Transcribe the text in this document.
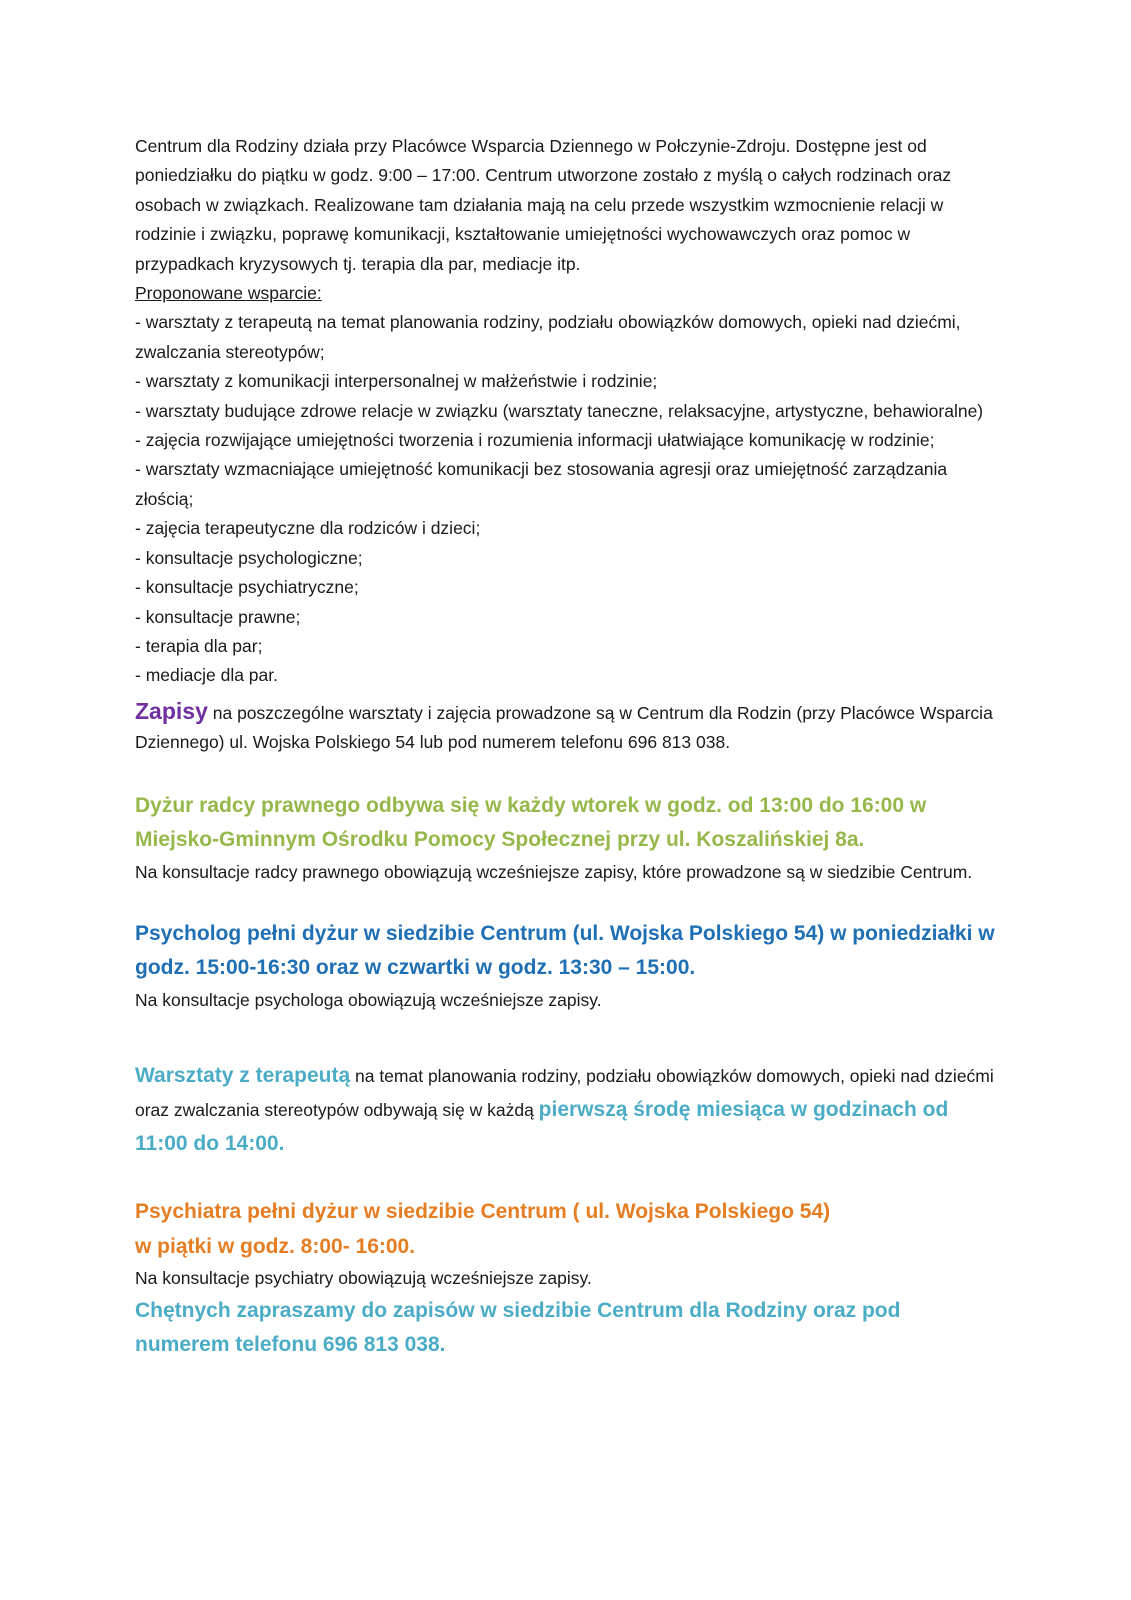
Centrum dla Rodziny działa przy Placówce Wsparcia Dziennego w Połczynie-Zdroju. Dostępne jest od poniedziałku do piątku w godz. 9:00 – 17:00. Centrum utworzone zostało z myślą o całych rodzinach oraz osobach w związkach. Realizowane tam działania mają na celu przede wszystkim wzmocnienie relacji w rodzinie i związku, poprawę komunikacji, kształtowanie umiejętności wychowawczych oraz pomoc w przypadkach kryzysowych tj. terapia dla par, mediacje itp.

Proponowane wsparcie:

- warsztaty z terapeutą na temat planowania rodziny, podziału obowiązków domowych, opieki nad dziećmi, zwalczania stereotypów;
- warsztaty z komunikacji interpersonalnej w małżeństwie i rodzinie;
- warsztaty budujące zdrowe relacje w związku (warsztaty taneczne, relaksacyjne, artystyczne, behawioralne)
- zajęcia rozwijające umiejętności tworzenia i rozumienia informacji ułatwiające komunikację w rodzinie;
- warsztaty wzmacniające umiejętność komunikacji bez stosowania agresji oraz umiejętność zarządzania złością;
- zajęcia terapeutyczne dla rodziców i dzieci;
- konsultacje psychologiczne;
- konsultacje psychiatryczne;
- konsultacje prawne;
- terapia dla par;
- mediacje dla par.

Zapisy na poszczególne warsztaty i zajęcia prowadzone są w Centrum dla Rodzin (przy Placówce Wsparcia Dziennego) ul. Wojska Polskiego 54 lub pod numerem telefonu 696 813 038.

Dyżur radcy prawnego odbywa się w każdy wtorek w godz. od 13:00 do 16:00 w Miejsko-Gminnym Ośrodku Pomocy Społecznej przy ul. Koszalińskiej 8a.

Na konsultacje radcy prawnego obowiązują wcześniejsze zapisy, które prowadzone są w siedzibie Centrum.

Psycholog pełni dyżur w siedzibie Centrum (ul. Wojska Polskiego 54) w poniedziałki w godz. 15:00-16:30 oraz w czwartki w godz. 13:30 – 15:00.

Na konsultacje psychologa obowiązują wcześniejsze zapisy.

Warsztaty z terapeutą na temat planowania rodziny, podziału obowiązków domowych, opieki nad dziećmi oraz zwalczania stereotypów odbywają się w każdą pierwszą środę miesiąca w godzinach od 11:00 do 14:00.

Psychiatra pełni dyżur w siedzibie Centrum ( ul. Wojska Polskiego 54) w piątki w godz. 8:00- 16:00.

Na konsultacje psychiatry obowiązują wcześniejsze zapisy.

Chętnych zapraszamy do zapisów w siedzibie Centrum dla Rodziny oraz pod numerem telefonu 696 813 038.
